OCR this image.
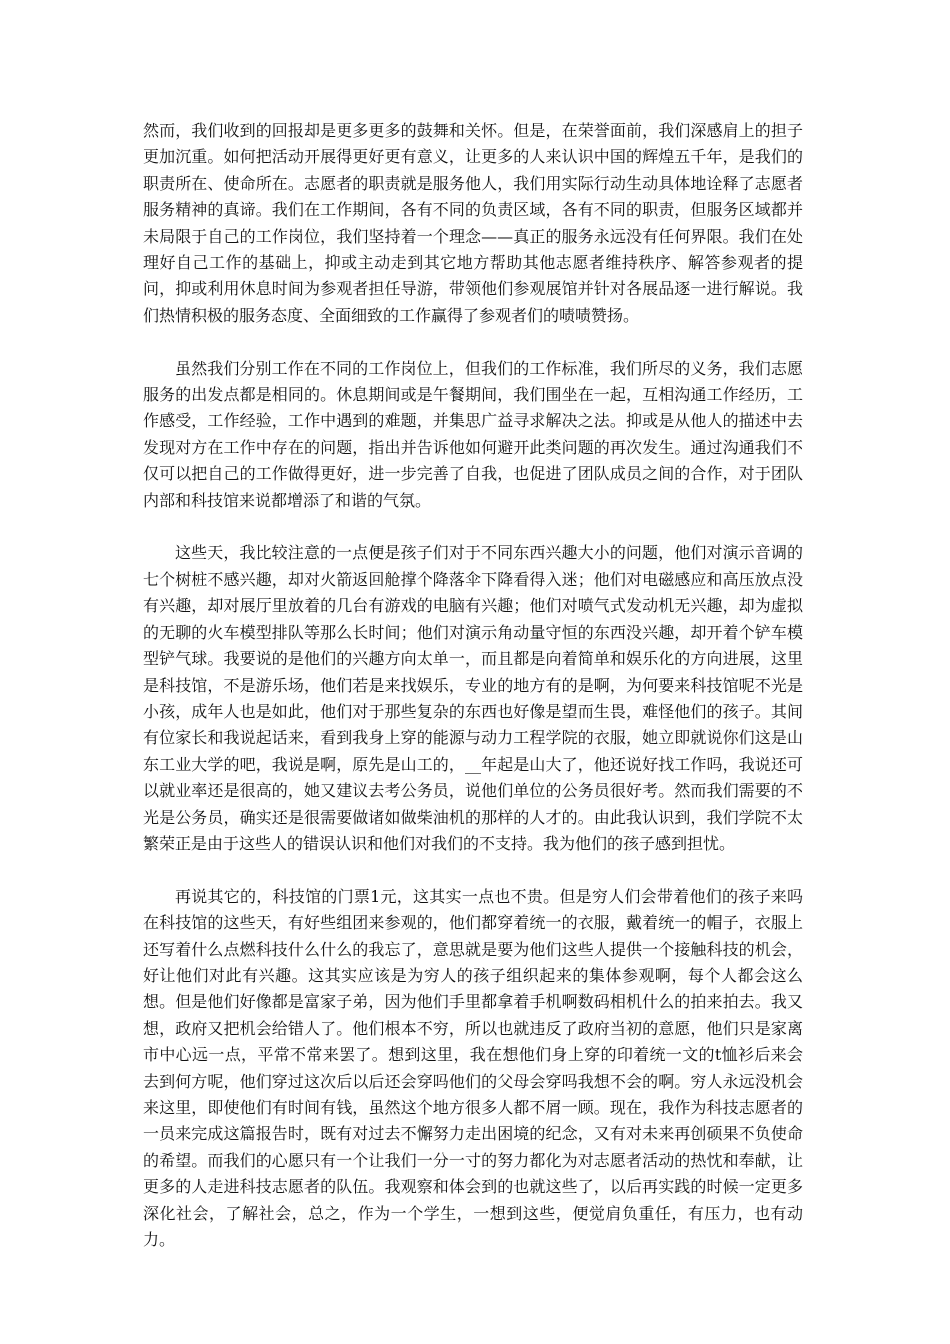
然而，我们收到的回报却是更多更多的鼓舞和关怀。但是，在荣誉面前，我们深感肩上的担子更加沉重。如何把活动开展得更好更有意义，让更多的人来认识中国的辉煌五千年，是我们的职责所在、使命所在。志愿者的职责就是服务他人，我们用实际行动生动具体地诠释了志愿者服务精神的真谛。我们在工作期间，各有不同的负责区域，各有不同的职责，但服务区域都并未局限于自己的工作岗位，我们坚持着一个理念——真正的服务永远没有任何界限。我们在处理好自己工作的基础上，抑或主动走到其它地方帮助其他志愿者维持秩序、解答参观者的提问，抑或利用休息时间为参观者担任导游，带领他们参观展馆并针对各展品逐一进行解说。我们热情积极的服务态度、全面细致的工作赢得了参观者们的啧啧赞扬。

虽然我们分别工作在不同的工作岗位上，但我们的工作标准，我们所尽的义务，我们志愿服务的出发点都是相同的。休息期间或是午餐期间，我们围坐在一起，互相沟通工作经历，工作感受，工作经验，工作中遇到的难题，并集思广益寻求解决之法。抑或是从他人的描述中去发现对方在工作中存在的问题，指出并告诉他如何避开此类问题的再次发生。通过沟通我们不仅可以把自己的工作做得更好，进一步完善了自我，也促进了团队成员之间的合作，对于团队内部和科技馆来说都增添了和谐的气氛。

这些天，我比较注意的一点便是孩子们对于不同东西兴趣大小的问题，他们对演示音调的七个树桩不感兴趣，却对火箭返回舱撑个降落伞下降看得入迷；他们对电磁感应和高压放点没有兴趣，却对展厅里放着的几台有游戏的电脑有兴趣；他们对喷气式发动机无兴趣，却为虚拟的无聊的火车模型排队等那么长时间；他们对演示角动量守恒的东西没兴趣，却开着个铲车模型铲气球。我要说的是他们的兴趣方向太单一，而且都是向着简单和娱乐化的方向进展，这里是科技馆，不是游乐场，他们若是来找娱乐，专业的地方有的是啊，为何要来科技馆呢不光是小孩，成年人也是如此，他们对于那些复杂的东西也好像是望而生畏，难怪他们的孩子。其间有位家长和我说起话来，看到我身上穿的能源与动力工程学院的衣服，她立即就说你们这是山东工业大学的吧，我说是啊，原先是山工的，__年起是山大了，他还说好找工作吗，我说还可以就业率还是很高的，她又建议去考公务员，说他们单位的公务员很好考。然而我们需要的不光是公务员，确实还是很需要做诸如做柴油机的那样的人才的。由此我认识到，我们学院不太繁荣正是由于这些人的错误认识和他们对我们的不支持。我为他们的孩子感到担忧。

再说其它的，科技馆的门票1元，这其实一点也不贵。但是穷人们会带着他们的孩子来吗在科技馆的这些天，有好些组团来参观的，他们都穿着统一的衣服，戴着统一的帽子，衣服上还写着什么点燃科技什么什么的我忘了，意思就是要为他们这些人提供一个接触科技的机会，好让他们对此有兴趣。这其实应该是为穷人的孩子组织起来的集体参观啊，每个人都会这么想。但是他们好像都是富家子弟，因为他们手里都拿着手机啊数码相机什么的拍来拍去。我又想，政府又把机会给错人了。他们根本不穷，所以也就违反了政府当初的意愿，他们只是家离市中心远一点，平常不常来罢了。想到这里，我在想他们身上穿的印着统一文的t恤衫后来会去到何方呢，他们穿过这次后以后还会穿吗他们的父母会穿吗我想不会的啊。穷人永远没机会来这里，即使他们有时间有钱，虽然这个地方很多人都不屑一顾。现在，我作为科技志愿者的一员来完成这篇报告时，既有对过去不懈努力走出困境的纪念，又有对未来再创硕果不负使命的希望。而我们的心愿只有一个让我们一分一寸的努力都化为对志愿者活动的热忱和奉献，让更多的人走进科技志愿者的队伍。我观察和体会到的也就这些了，以后再实践的时候一定更多深化社会，了解社会，总之，作为一个学生，一想到这些，便觉肩负重任，有压力，也有动力。
